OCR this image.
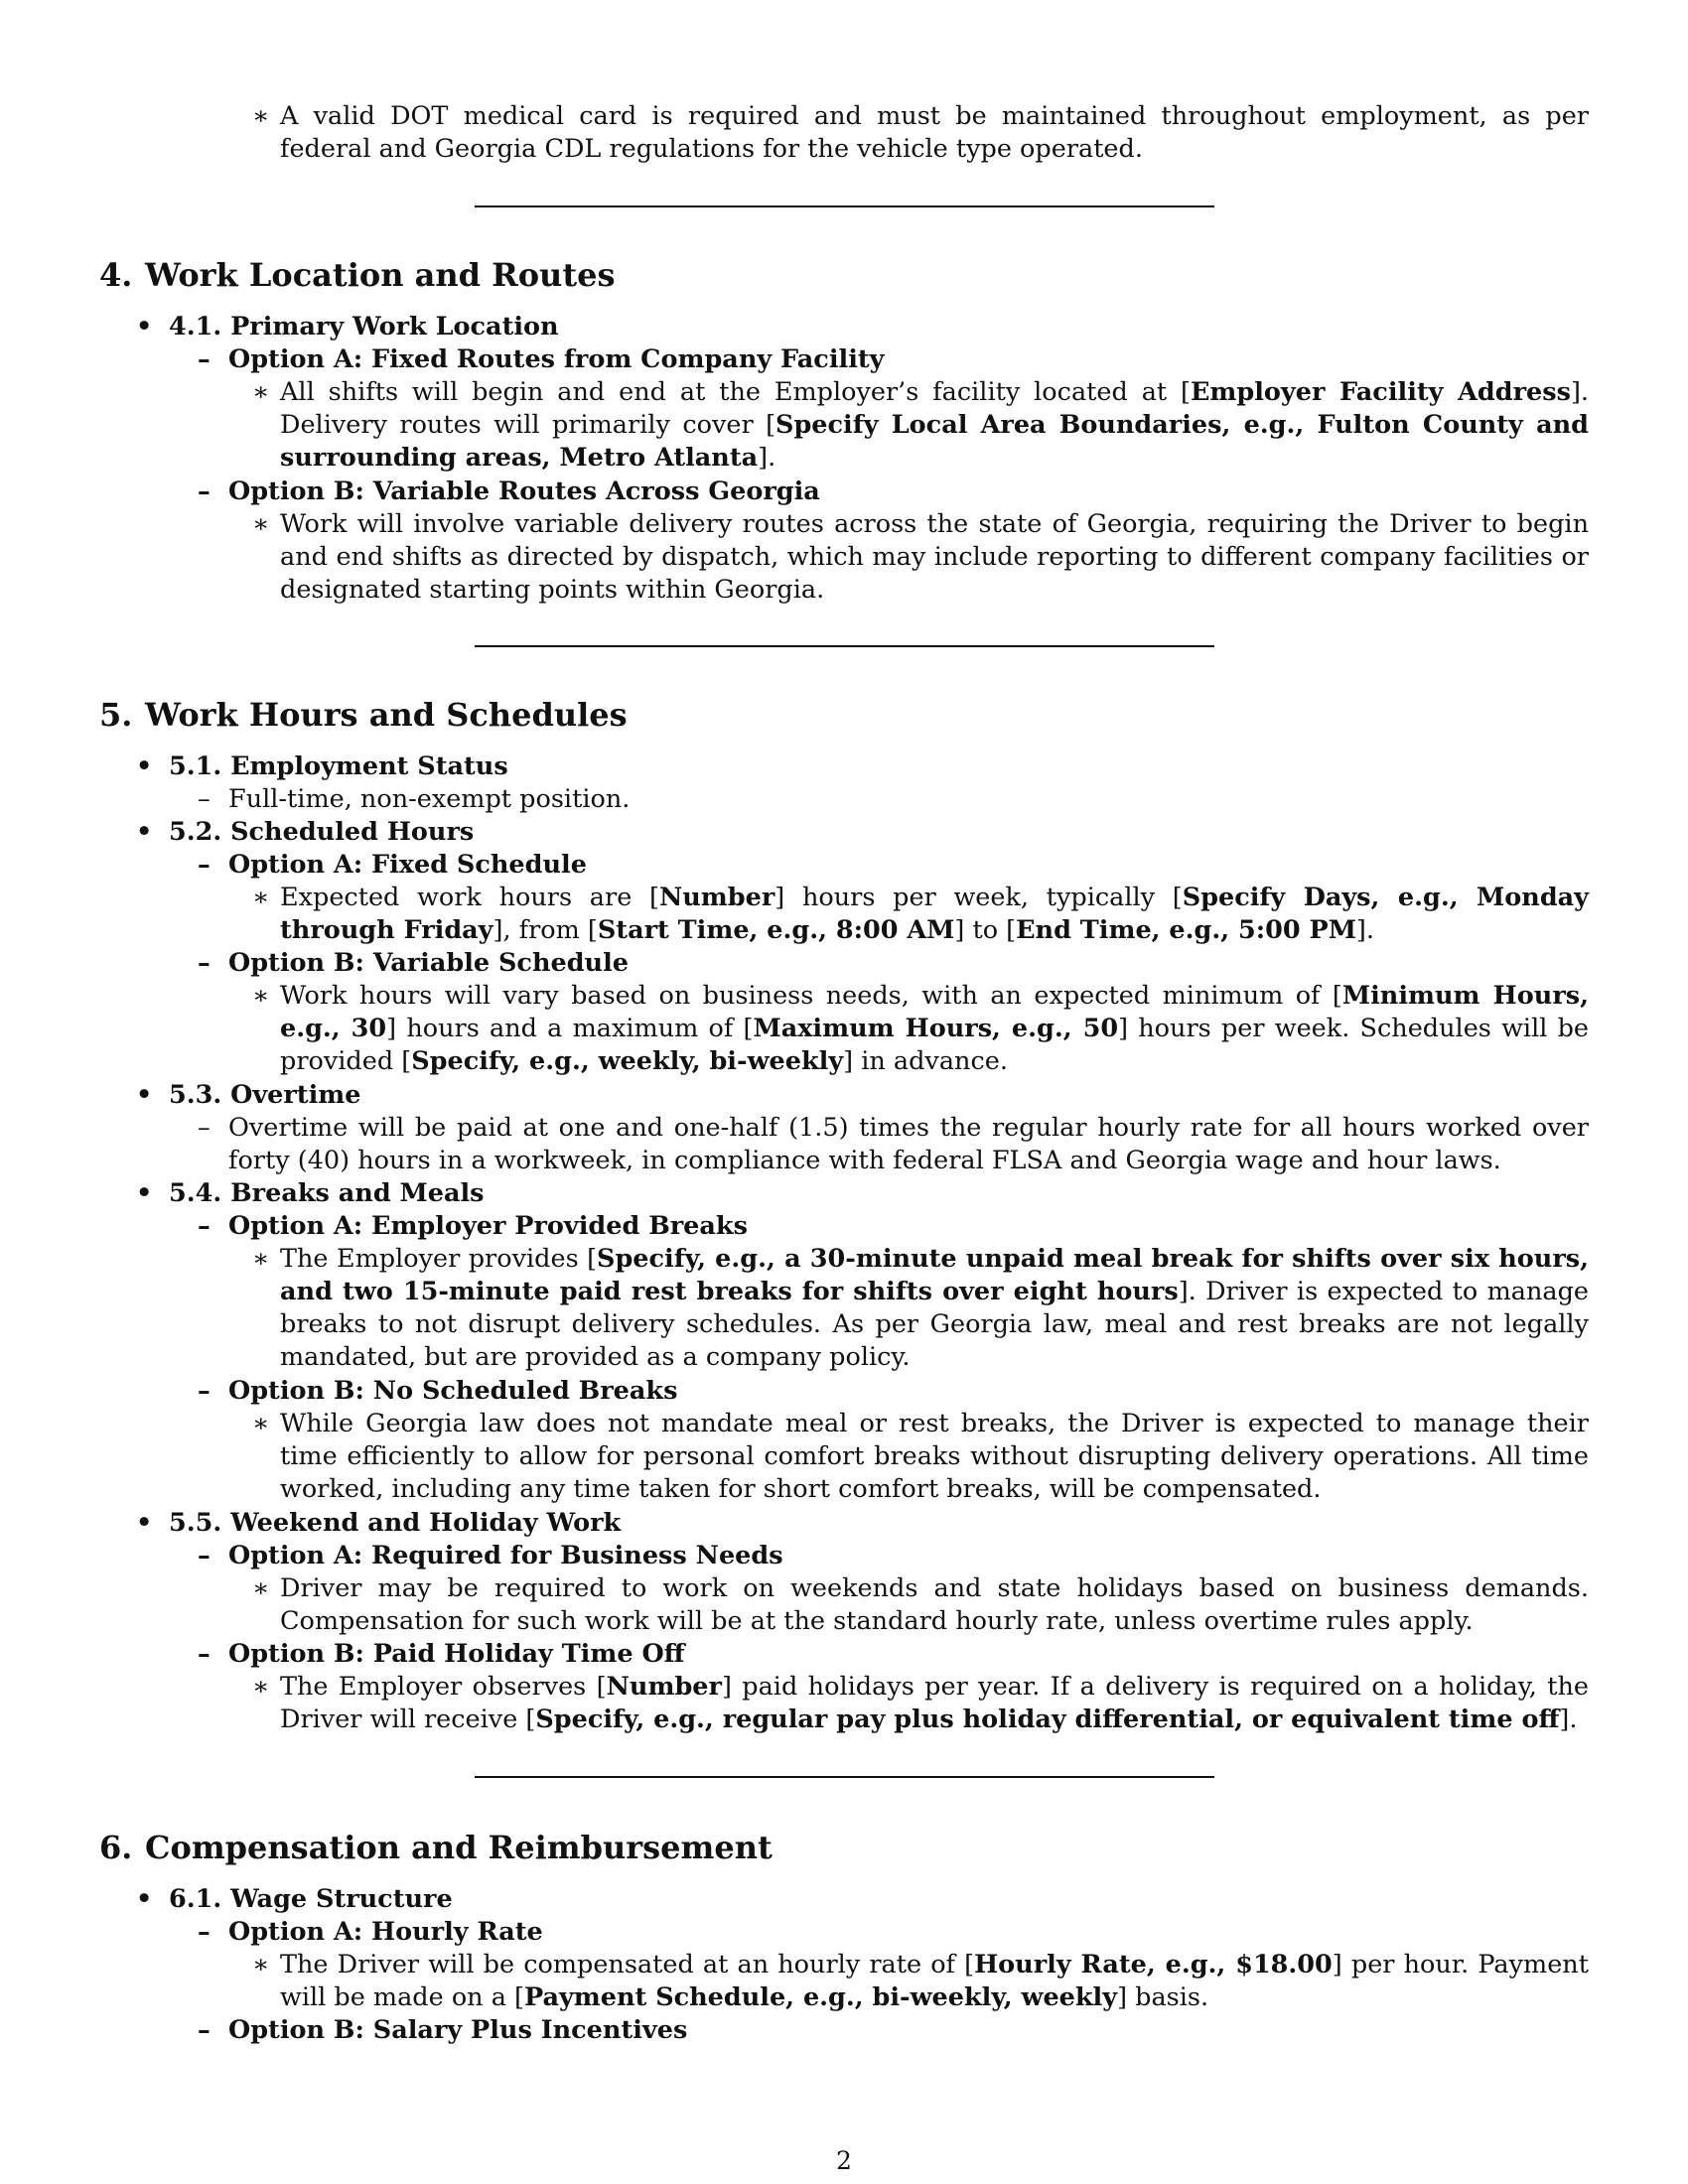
∗ A valid DOT medical card is required and must be maintained throughout employment, as per federal and Georgia CDL regulations for the vehicle type operated.
4. Work Location and Routes
• 4.1. Primary Work Location
– Option A: Fixed Routes from Company Facility
∗ All shifts will begin and end at the Employer’s facility located at [Employer Facility Address]. Delivery routes will primarily cover [Specify Local Area Boundaries, e.g., Fulton County and surrounding areas, Metro Atlanta].
– Option B: Variable Routes Across Georgia
∗ Work will involve variable delivery routes across the state of Georgia, requiring the Driver to begin and end shifts as directed by dispatch, which may include reporting to different company facilities or designated starting points within Georgia.
5. Work Hours and Schedules
• 5.1. Employment Status
– Full-time, non-exempt position.
• 5.2. Scheduled Hours
– Option A: Fixed Schedule
∗ Expected work hours are [Number] hours per week, typically [Specify Days, e.g., Monday through Friday], from [Start Time, e.g., 8:00 AM] to [End Time, e.g., 5:00 PM].
– Option B: Variable Schedule
∗ Work hours will vary based on business needs, with an expected minimum of [Minimum Hours, e.g., 30] hours and a maximum of [Maximum Hours, e.g., 50] hours per week. Schedules will be provided [Specify, e.g., weekly, bi-weekly] in advance.
• 5.3. Overtime
– Overtime will be paid at one and one-half (1.5) times the regular hourly rate for all hours worked over forty (40) hours in a workweek, in compliance with federal FLSA and Georgia wage and hour laws.
• 5.4. Breaks and Meals
– Option A: Employer Provided Breaks
∗ The Employer provides [Specify, e.g., a 30-minute unpaid meal break for shifts over six hours, and two 15-minute paid rest breaks for shifts over eight hours]. Driver is expected to manage breaks to not disrupt delivery schedules. As per Georgia law, meal and rest breaks are not legally mandated, but are provided as a company policy.
– Option B: No Scheduled Breaks
∗ While Georgia law does not mandate meal or rest breaks, the Driver is expected to manage their time efficiently to allow for personal comfort breaks without disrupting delivery operations. All time worked, including any time taken for short comfort breaks, will be compensated.
• 5.5. Weekend and Holiday Work
– Option A: Required for Business Needs
∗ Driver may be required to work on weekends and state holidays based on business demands. Compensation for such work will be at the standard hourly rate, unless overtime rules apply.
– Option B: Paid Holiday Time Off
∗ The Employer observes [Number] paid holidays per year. If a delivery is required on a holiday, the Driver will receive [Specify, e.g., regular pay plus holiday differential, or equivalent time off].
6. Compensation and Reimbursement
• 6.1. Wage Structure
– Option A: Hourly Rate
∗ The Driver will be compensated at an hourly rate of [Hourly Rate, e.g., $18.00] per hour. Payment will be made on a [Payment Schedule, e.g., bi-weekly, weekly] basis.
– Option B: Salary Plus Incentives
2
